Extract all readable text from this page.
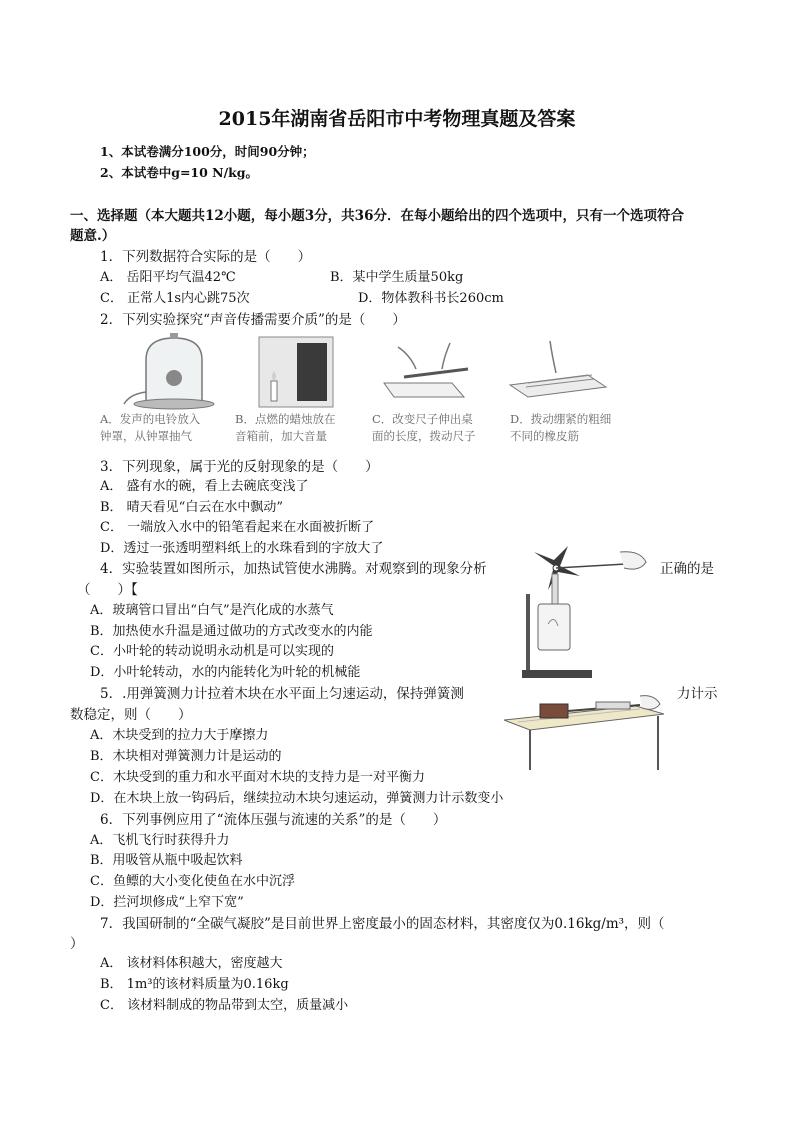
2015年湖南省岳阳市中考物理真题及答案
1、本试卷满分100分，时间90分钟；
2、本试卷中g=10 N/kg。
一、选择题（本大题共12小题，每小题3分，共36分．在每小题给出的四个选项中，只有一个选项符合
题意.）
1．下列数据符合实际的是（　　）
A． 岳阳平均气温42℃	B．某中学生质量50kg
C． 正常人1s内心跳75次	D．物体教科书长260cm
2．下列实验探究“声音传播需要介质”的是（　　）
A．发声的电铃放入
钟罩，从钟罩抽气
B．点燃的蜡烛放在
音箱前，加大音量
C．改变尺子伸出桌
面的长度，拨动尺子
D．拨动绷紧的粗细
不同的橡皮筋
3．下列现象，属于光的反射现象的是（　　）
A． 盛有水的碗，看上去碗底变浅了
B． 晴天看见“白云在水中飘动”
C． 一端放入水中的铅笔看起来在水面被折断了
D．透过一张透明塑料纸上的水珠看到的字放大了
4．实验装置如图所示，加热试管使水沸腾。对观察到的现象分析	正确的是
（　　）【
A．玻璃管口冒出“白气”是汽化成的水蒸气
B．加热使水升温是通过做功的方式改变水的内能
C．小叶轮的转动说明永动机是可以实现的
D．小叶轮转动，水的内能转化为叶轮的机械能
5．.用弹簧测力计拉着木块在水平面上匀速运动，保持弹簧测	力计示
数稳定，则（　　）
A．木块受到的拉力大于摩擦力
B．木块相对弹簧测力计是运动的
C．木块受到的重力和水平面对木块的支持力是一对平衡力
D．在木块上放一钩码后，继续拉动木块匀速运动，弹簧测力计示数变小
6．下列事例应用了“流体压强与流速的关系”的是（　　）
A．飞机飞行时获得升力
B．用吸管从瓶中吸起饮料
C．鱼鳔的大小变化使鱼在水中沉浮
D．拦河坝修成“上窄下宽”
7．我国研制的“全碳气凝胶”是目前世界上密度最小的固态材料，其密度仅为0.16kg/m³，则（
）
A． 该材料体积越大，密度越大
B． 1m³的该材料质量为0.16kg
C． 该材料制成的物品带到太空，质量减小
